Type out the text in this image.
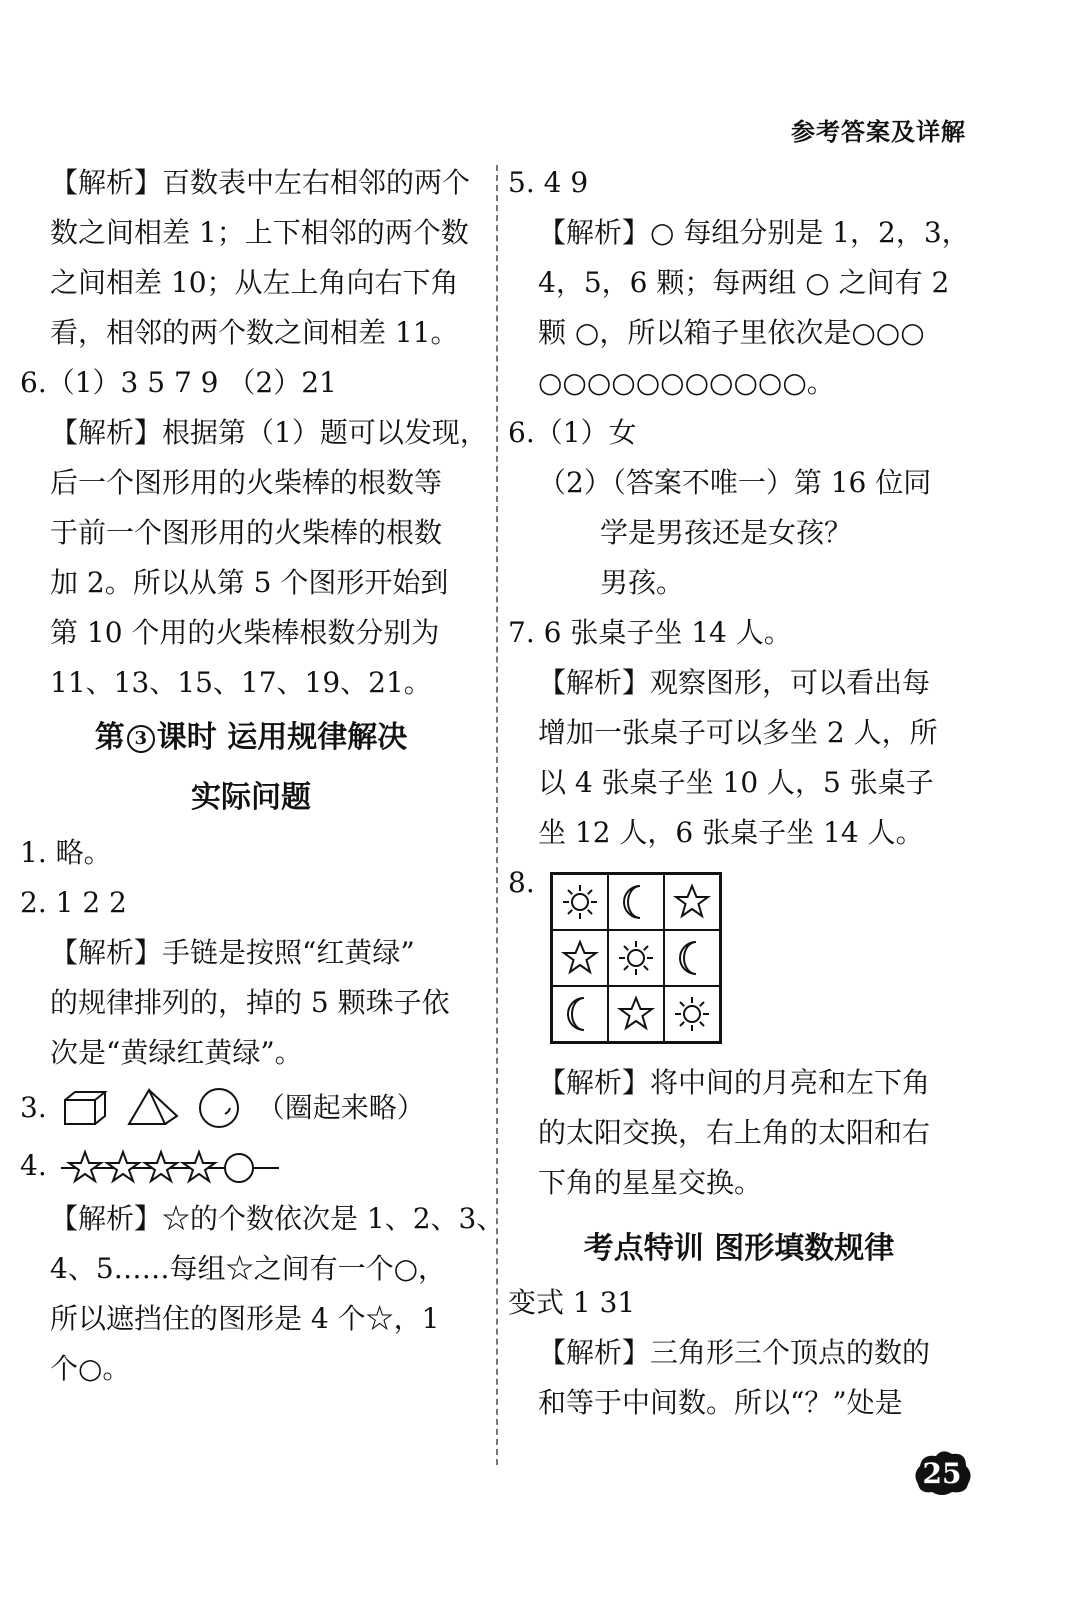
参考答案及详解
【解析】百数表中左右相邻的两个
数之间相差 1；上下相邻的两个数
之间相差 10；从左上角向右下角
看，相邻的两个数之间相差 11。
6.（1）3 5 7 9 （2）21
【解析】根据第（1）题可以发现，
后一个图形用的火柴棒的根数等
于前一个图形用的火柴棒的根数
加 2。所以从第 5 个图形开始到
第 10 个用的火柴棒根数分别为
11、13、15、17、19、21。
第 3 课时 运用规律解决
实际问题
1. 略。
2. 1 2 2
【解析】手链是按照“红黄绿”
的规律排列的，掉的 5 颗珠子依
次是“黄绿红黄绿”。
3.	（圈起来略）
4.
【解析】☆的个数依次是 1、2、3、
4、5……每组☆之间有一个○，
所以遮挡住的图形是 4 个☆，1
个○。
5. 4 9
【解析】○ 每组分别是 1，2，3，
4，5，6 颗；每两组 ○ 之间有 2
颗 ○，所以箱子里依次是○○○
○○○○○○○○○○○。
6.（1）女
（2）（答案不唯一）第 16 位同
学是男孩还是女孩？
男孩。
7. 6 张桌子坐 14 人。
【解析】观察图形，可以看出每
增加一张桌子可以多坐 2 人，所
以 4 张桌子坐 10 人，5 张桌子
坐 12 人，6 张桌子坐 14 人。
8.
【解析】将中间的月亮和左下角
的太阳交换，右上角的太阳和右
下角的星星交换。
考点特训 图形填数规律
变式 1 31
【解析】三角形三个顶点的数的
和等于中间数。所以“？”处是
25
